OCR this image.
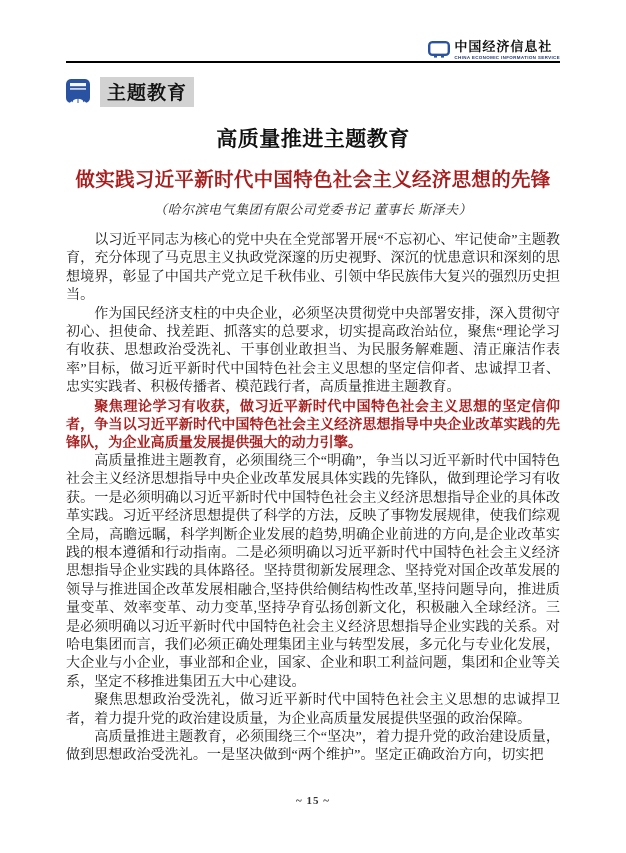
中国经济信息社
CHINA ECONOMIC INFORMATION SERVICE
主题教育
高质量推进主题教育
做实践习近平新时代中国特色社会主义经济思想的先锋
（哈尔滨电气集团有限公司党委书记 董事长 斯泽夫）

以习近平同志为核心的党中央在全党部署开展“不忘初心、牢记使命”主题教育，充分体现了马克思主义执政党深邃的历史视野、深沉的忧患意识和深刻的思想境界，彰显了中国共产党立足千秋伟业、引领中华民族伟大复兴的强烈历史担当。

作为国民经济支柱的中央企业，必须坚决贯彻党中央部署安排，深入贯彻守初心、担使命、找差距、抓落实的总要求，切实提高政治站位，聚焦“理论学习有收获、思想政治受洗礼、干事创业敢担当、为民服务解难题、清正廉洁作表率”目标，做习近平新时代中国特色社会主义思想的坚定信仰者、忠诚捍卫者、忠实实践者、积极传播者、模范践行者，高质量推进主题教育。

聚焦理论学习有收获，做习近平新时代中国特色社会主义思想的坚定信仰者，争当以习近平新时代中国特色社会主义经济思想指导中央企业改革实践的先锋队，为企业高质量发展提供强大的动力引擎。

高质量推进主题教育，必须围绕三个“明确”，争当以习近平新时代中国特色社会主义经济思想指导中央企业改革发展具体实践的先锋队，做到理论学习有收获。一是必须明确以习近平新时代中国特色社会主义经济思想指导企业的具体改革实践。习近平经济思想提供了科学的方法，反映了事物发展规律，使我们综观全局，高瞻远瞩，科学判断企业发展的趋势,明确企业前进的方向,是企业改革实践的根本遵循和行动指南。二是必须明确以习近平新时代中国特色社会主义经济思想指导企业实践的具体路径。坚持贯彻新发展理念、坚持党对国企改革发展的领导与推进国企改革发展相融合,坚持供给侧结构性改革,坚持问题导向，推进质量变革、效率变革、动力变革,坚持孕育弘扬创新文化，积极融入全球经济。三是必须明确以习近平新时代中国特色社会主义经济思想指导企业实践的关系。对哈电集团而言，我们必须正确处理集团主业与转型发展，多元化与专业化发展，大企业与小企业，事业部和企业，国家、企业和职工利益问题，集团和企业等关系，坚定不移推进集团五大中心建设。

聚焦思想政治受洗礼，做习近平新时代中国特色社会主义思想的忠诚捍卫者，着力提升党的政治建设质量，为企业高质量发展提供坚强的政治保障。

高质量推进主题教育，必须围绕三个“坚决”，着力提升党的政治建设质量，做到思想政治受洗礼。一是坚决做到“两个维护”。坚定正确政治方向，切实把

~ 15 ~
